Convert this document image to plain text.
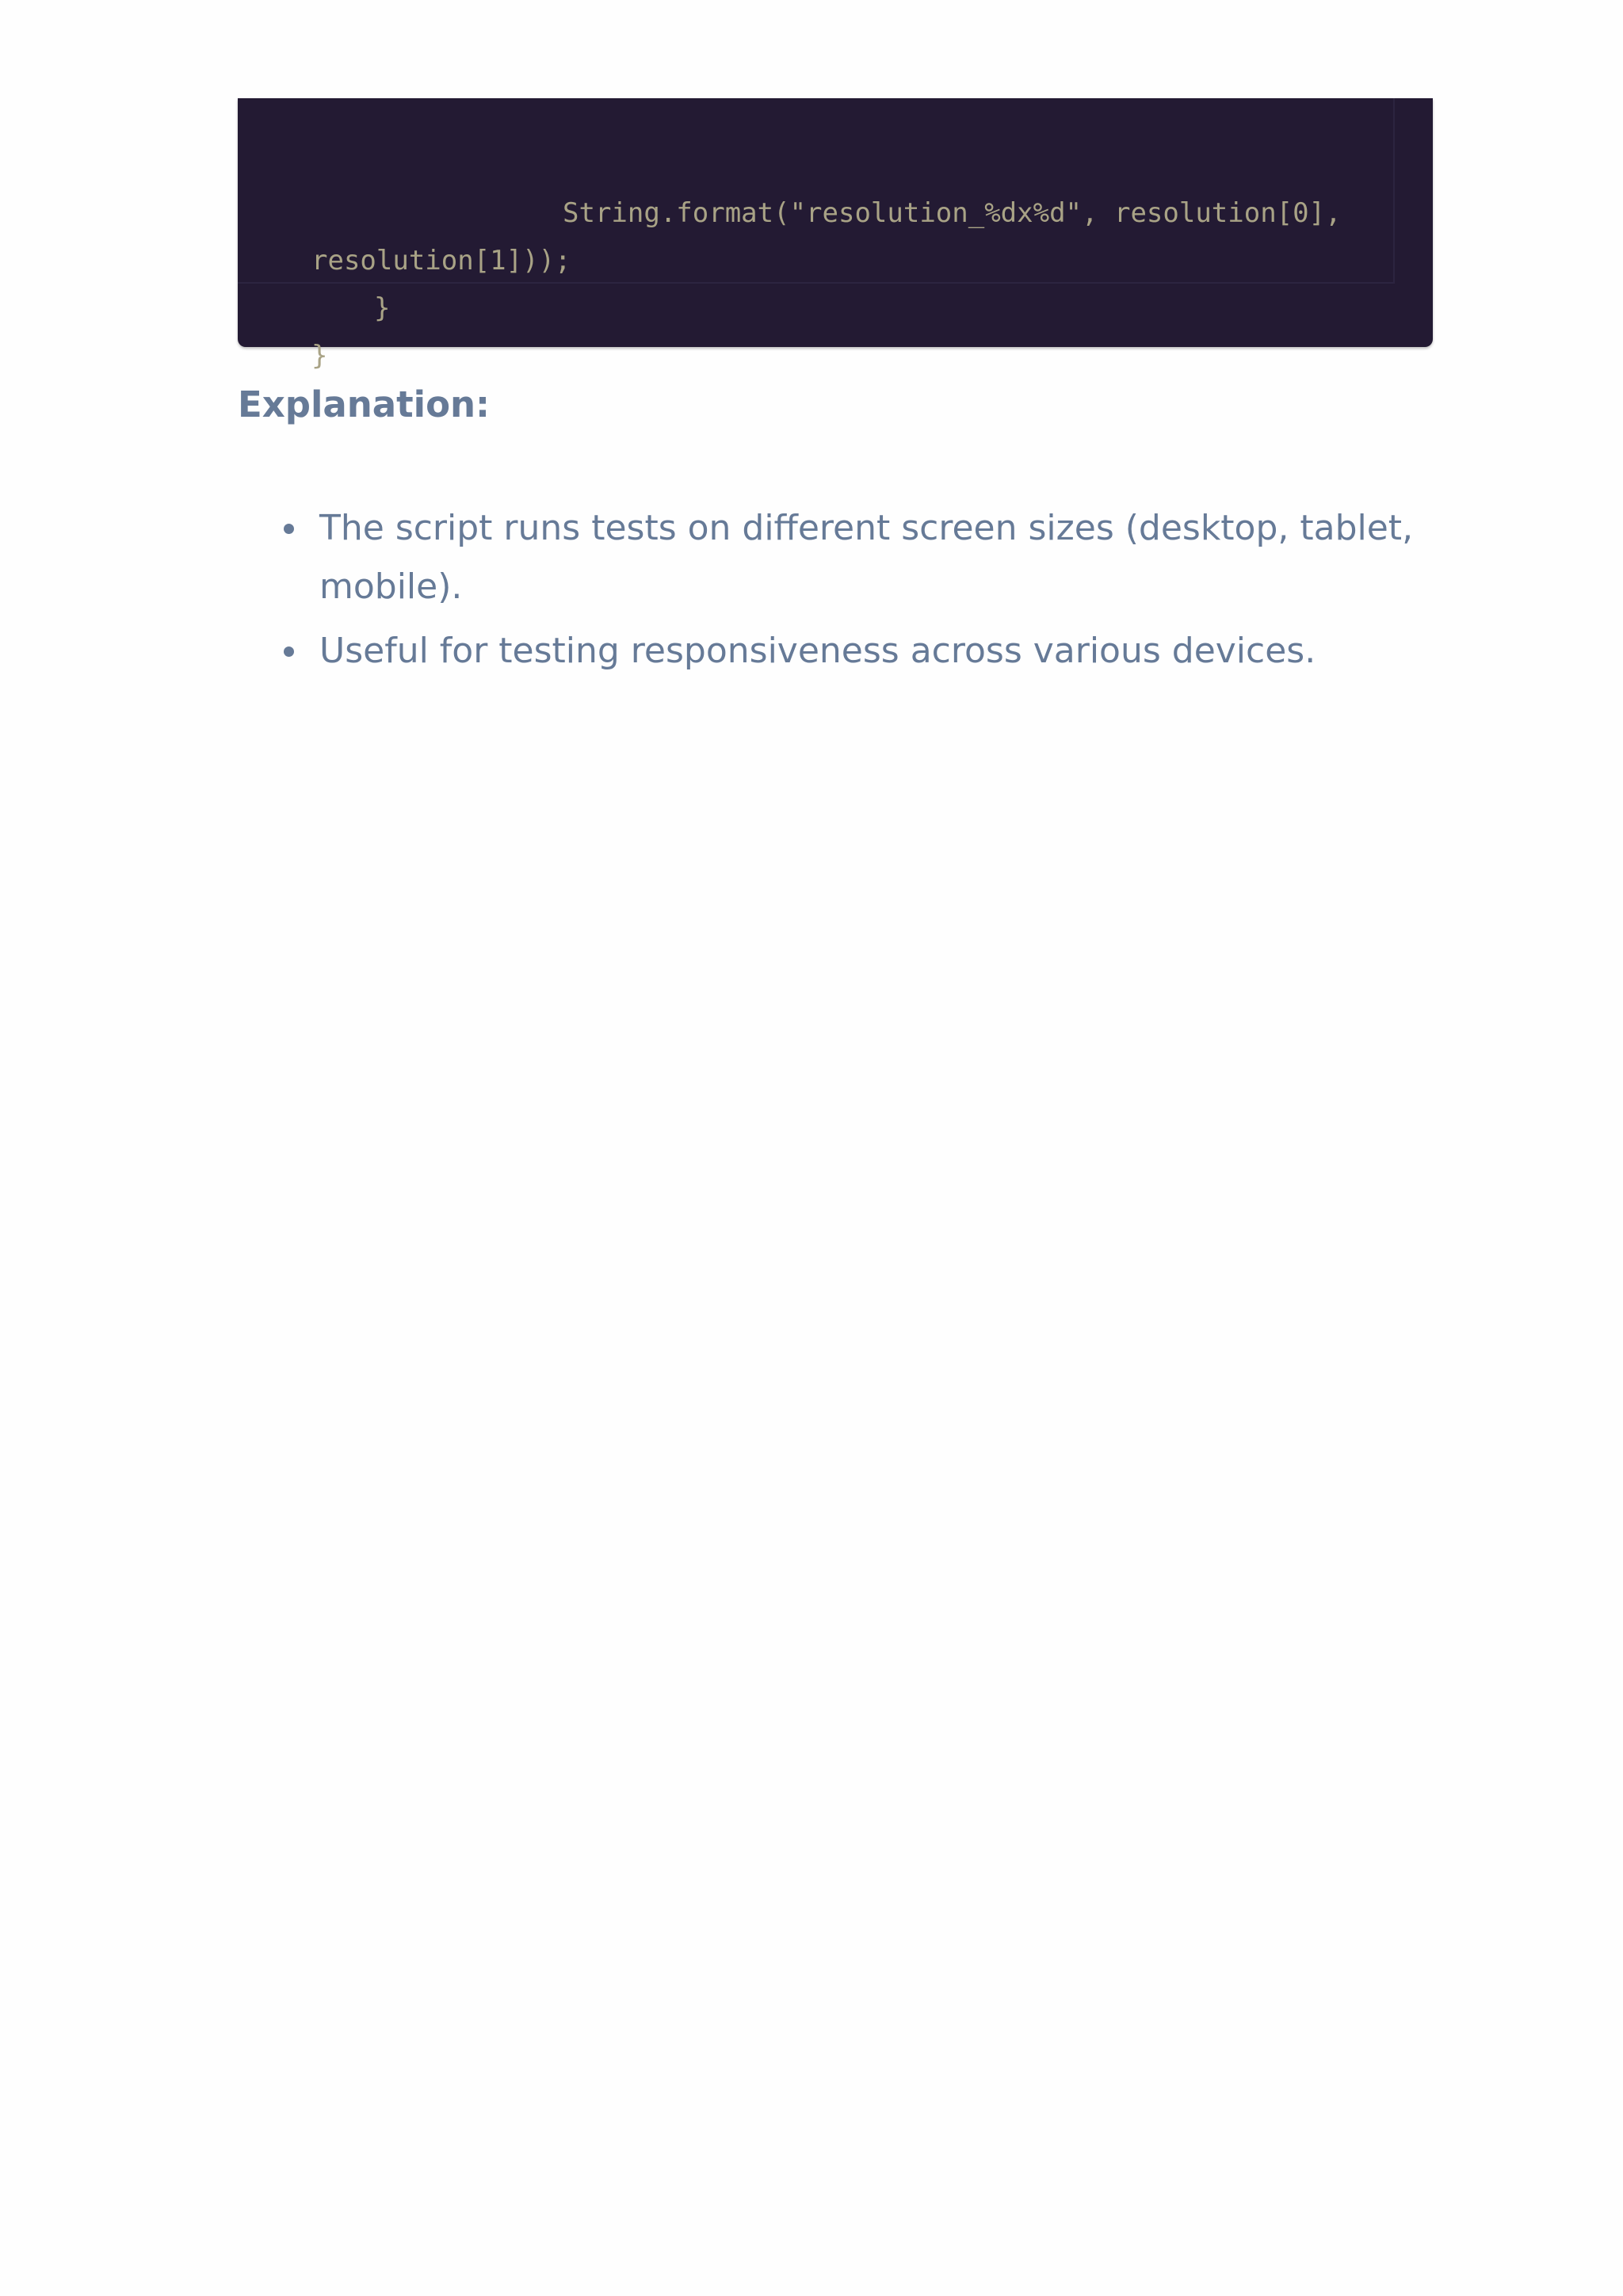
String.format("resolution_%dx%d", resolution[0],
resolution[1]));
}
}
Explanation:

The script runs tests on different screen sizes (desktop, tablet, mobile).

Useful for testing responsiveness across various devices.
